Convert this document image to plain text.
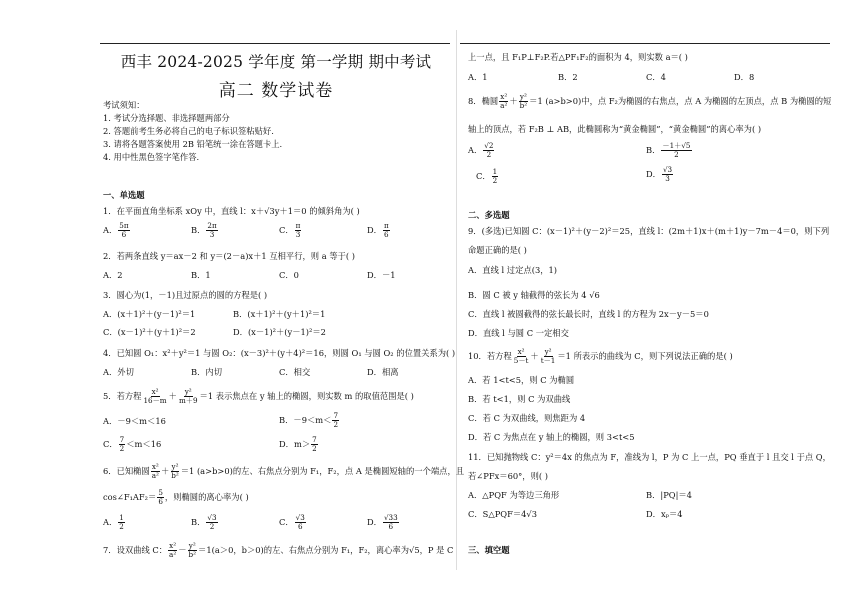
西丰 2024-2025 学年度 第一学期 期中考试
高二 数学试卷
考试须知：
1. 考试分选择题、非选择题两部分
2. 答题前考生务必将自己的电子标识签粘贴好.
3. 请将各题答案使用 2B 铅笔统一涂在答题卡上.
4. 用中性黑色签字笔作答.
一、单选题
1．在平面直角坐标系 xOy 中，直线 l：x＋√3y＋1＝0 的倾斜角为( )
A． $\frac{5\pi}{6}$	B． $\frac{2\pi}{3}$	C． $\frac{\pi}{3}$	D． $\frac{\pi}{6}$
2．若两条直线 y＝ax－2 和 y＝(2－a)x＋1 互相平行，则 a 等于( )
A．2	B．1	C．0	D．－1
3．圆心为(1，－1)且过原点的圆的方程是( )
A．(x＋1)²＋(y－1)²＝1	B．(x＋1)²＋(y＋1)²＝1
C．(x－1)²＋(y＋1)²＝2	D．(x－1)²＋(y－1)²＝2
4．已知圆 O₁：x²＋y²＝1 与圆 O₂：(x－3)²＋(y＋4)²＝16，则圆 O₁ 与圆 O₂ 的位置关系为( )
A．外切	B．内切	C．相交	D．相离
5．若方程 $\frac{\text{x²}}{16-m} + \frac{\text{y²}}{m+9} =1$ 表示焦点在 y 轴上的椭圆，则实数 m 的取值范围是( )
A．－9＜m＜16	B．$-9<m< \frac{7}{2}$
C． $\frac{7}{2} <m<16$	D．$m> \frac{7}{2}$
6．已知椭圆 $\frac{\text{x²}}{\text{a²}} + \frac{\text{y²}}{\text{b²}} =1$ (a>b>0)的左、右焦点分别为 F₁，F₂，点 A 是椭圆短轴的一个端点，且
cos∠F₁AF₂＝ $\frac{5}{6}$ ，则椭圆的离心率为( )
A． $\frac{1}{2}$	B． $\frac{√3}{2}$	C． $\frac{√3}{6}$	D． $\frac{√33}{6}$
7．设双曲线 C： $\frac{\text{x²}}{\text{a²}} - \frac{\text{y²}}{\text{b²}} =1(a>0$，b＞0)的左、右焦点分别为 F₁，F₂，离心率为√5，P 是 C
上一点，且 F₁P⊥F₂P.若△PF₁F₂的面积为 4，则实数 a＝( )
A．1	B．2	C．4	D．8
8．椭圆 $\frac{\text{x²}}{\text{a²}} + \frac{\text{y²}}{\text{b²}} =1$ (a>b>0)中，点 F₂为椭圆的右焦点，点 A 为椭圆的左顶点，点 B 为椭圆的短
轴上的顶点，若 F₂B ⊥ AB，此椭圆称为“黄金椭圆”，“黄金椭圆”的离心率为( )
A． $\frac{√2}{2}$	B． $\frac{-1+√5}{2}$
C． $\frac{1}{2}$	D． $\frac{√3}{3}$
二、多选题
9．(多选)已知圆 C：(x－1)²＋(y－2)²＝25，直线 l：(2m＋1)x＋(m＋1)y－7m－4＝0，则下列
命题正确的是( )
A．直线 l 过定点(3，1)
B．圆 C 被 y 轴截得的弦长为 4 √6
C．直线 l 被圆截得的弦长最长时，直线 l 的方程为 2x－y－5＝0
D．直线 l 与圆 C 一定相交
10．若方程 $\frac{\text{x²}}{5-t} + \frac{\text{y²}}{t-1} =1$ 所表示的曲线为 C，则下列说法正确的是( )
A．若 1<t<5，则 C 为椭圆
B．若 t<1，则 C 为双曲线
C．若 C 为双曲线，则焦距为 4
D．若 C 为焦点在 y 轴上的椭圆，则 3<t<5
11．已知抛物线 C：y²＝4x 的焦点为 F，准线为 l，P 为 C 上一点，PQ 垂直于 l 且交 l 于点 Q，
若∠PFx＝60°，则( )
A．△PQF 为等边三角形	B．|PQ|＝4
C．S△PQF＝4√3	D．xₚ＝4
三、填空题
